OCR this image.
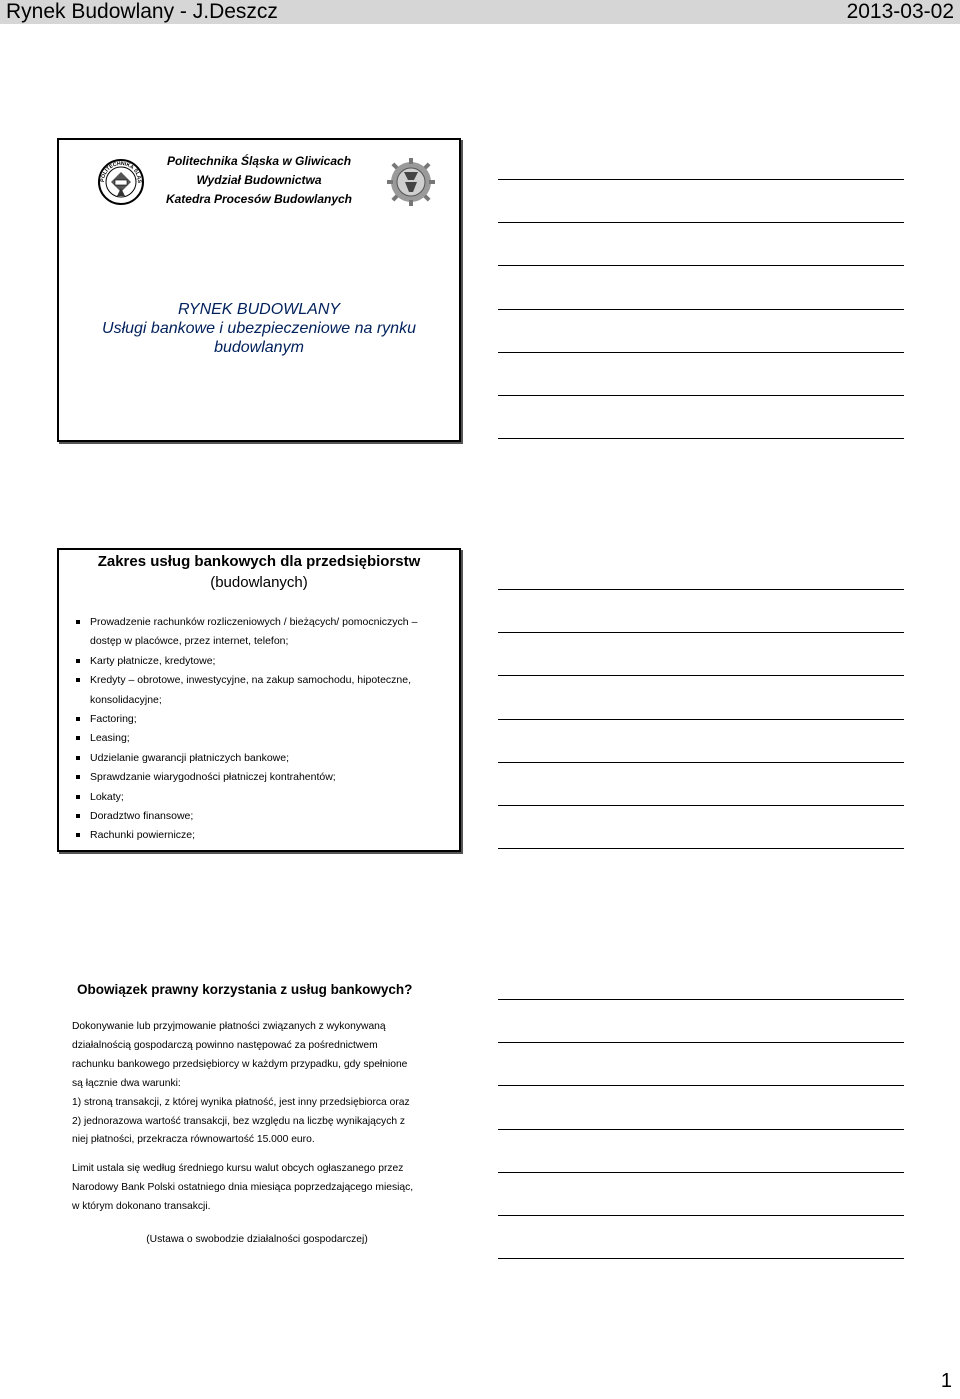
Rynek Budowlany - J.Deszcz	2013-03-02
POLITECHNIKA ŚLĄS
Politechnika Śląska w Gliwicach
Wydział Budownictwa
Katedra Procesów Budowlanych
RYNEK BUDOWLANY
Usługi bankowe i ubezpieczeniowe na rynku
budowlanym
Zakres usług bankowych dla przedsiębiorstw
(budowlanych)
Prowadzenie rachunków rozliczeniowych / bieżących/ pomocniczych – dostęp w placówce, przez internet, telefon;
Karty płatnicze, kredytowe;
Kredyty – obrotowe, inwestycyjne, na zakup samochodu, hipoteczne, konsolidacyjne;
Factoring;
Leasing;
Udzielanie gwarancji płatniczych bankowe;
Sprawdzanie wiarygodności płatniczej kontrahentów;
Lokaty;
Doradztwo finansowe;
Rachunki powiernicze;
Obowiązek prawny korzystania z usług bankowych?
Dokonywanie lub przyjmowanie płatności związanych z wykonywaną
działalnością gospodarczą powinno następować za pośrednictwem
rachunku bankowego przedsiębiorcy w każdym przypadku, gdy spełnione
są łącznie dwa warunki:
1) stroną transakcji, z której wynika płatność, jest inny przedsiębiorca oraz
2) jednorazowa wartość transakcji, bez względu na liczbę wynikających z
niej płatności, przekracza równowartość 15.000 euro.
Limit ustala się według średniego kursu walut obcych ogłaszanego przez
Narodowy Bank Polski ostatniego dnia miesiąca poprzedzającego miesiąc,
w którym dokonano transakcji.
(Ustawa o swobodzie działalności gospodarczej)
1
